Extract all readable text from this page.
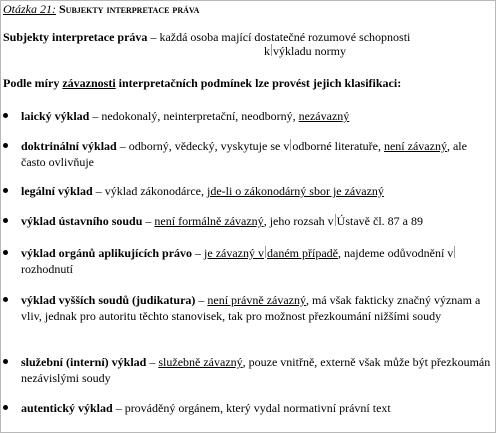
Otázka 21: Subjekty interpretace práva
Subjekty interpretace práva – každá osoba mající dostatečné rozumové schopnosti
k výkladu normy
Podle míry závaznosti interpretačních podmínek lze provést jejich klasifikaci:
laický výklad – nedokonalý, neinterpretační, neodborný, nezávazný
doktrinální výklad – odborný, vědecký, vyskytuje se v odborné literatuře, není závazný, ale často ovlivňuje
legální výklad – výklad zákonodárce, jde-li o zákonodárný sbor je závazný
výklad ústavního soudu – není formálně závazný, jeho rozsah v Ústavě čl. 87 a 89
výklad orgánů aplikujících právo – je závazný v daném případě, najdeme odůvodnění vrozhodnutí
výklad vyšších soudů (judikatura) – není právně závazný, má však fakticky značný význam a vliv, jednak pro autoritu těchto stanovisek, tak pro možnost přezkoumání nižšími soudy
služební (interní) výklad – služebně závazný, pouze vnitřně, externě však může být přezkoumán nezávislými soudy
autentický výklad – prováděný orgánem, který vydal normativní právní text
